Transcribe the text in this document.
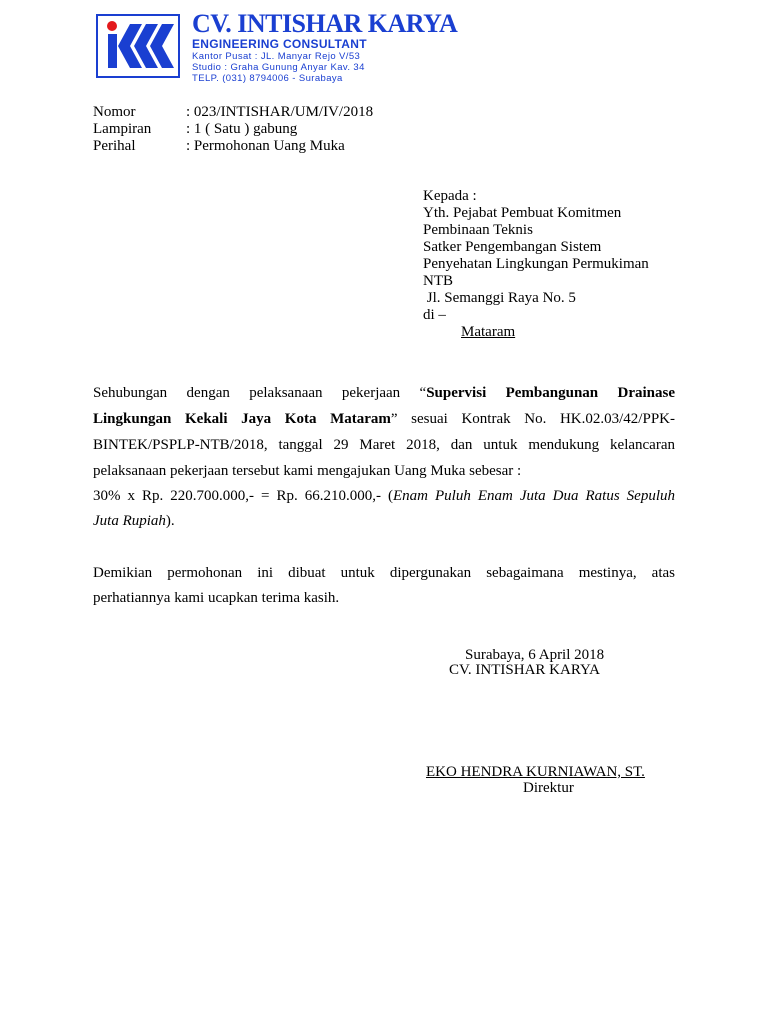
CV. INTISHAR KARYA
ENGINEERING CONSULTANT
Kantor Pusat : JL. Manyar Rejo V/53
Studio : Graha Gunung Anyar Kav. 34
TELP. (031) 8794006 - Surabaya
Nomor	: 023/INTISHAR/UM/IV/2018
Lampiran : 1 ( Satu ) gabung
Perihal	: Permohonan Uang Muka
Kepada :
Yth. Pejabat Pembuat Komitmen
Pembinaan Teknis
Satker Pengembangan Sistem
Penyehatan Lingkungan Permukiman
NTB
Jl. Semanggi Raya No. 5
di –
Mataram
Sehubungan dengan pelaksanaan pekerjaan “Supervisi Pembangunan Drainase
Lingkungan Kekali Jaya Kota Mataram” sesuai Kontrak No. HK.02.03/42/PPK-
BINTEK/PSPLP-NTB/2018, tanggal 29 Maret 2018, dan untuk mendukung kelancaran
pelaksanaan pekerjaan tersebut kami mengajukan Uang Muka sebesar :
30% x Rp. 220.700.000,- = Rp. 66.210.000,- (Enam Puluh Enam Juta Dua Ratus Sepuluh
Juta Rupiah).
Demikian permohonan ini dibuat untuk dipergunakan sebagaimana mestinya, atas
perhatiannya kami ucapkan terima kasih.
Surabaya, 6 April 2018
CV. INTISHAR KARYA
EKO HENDRA KURNIAWAN, ST.
Direktur
